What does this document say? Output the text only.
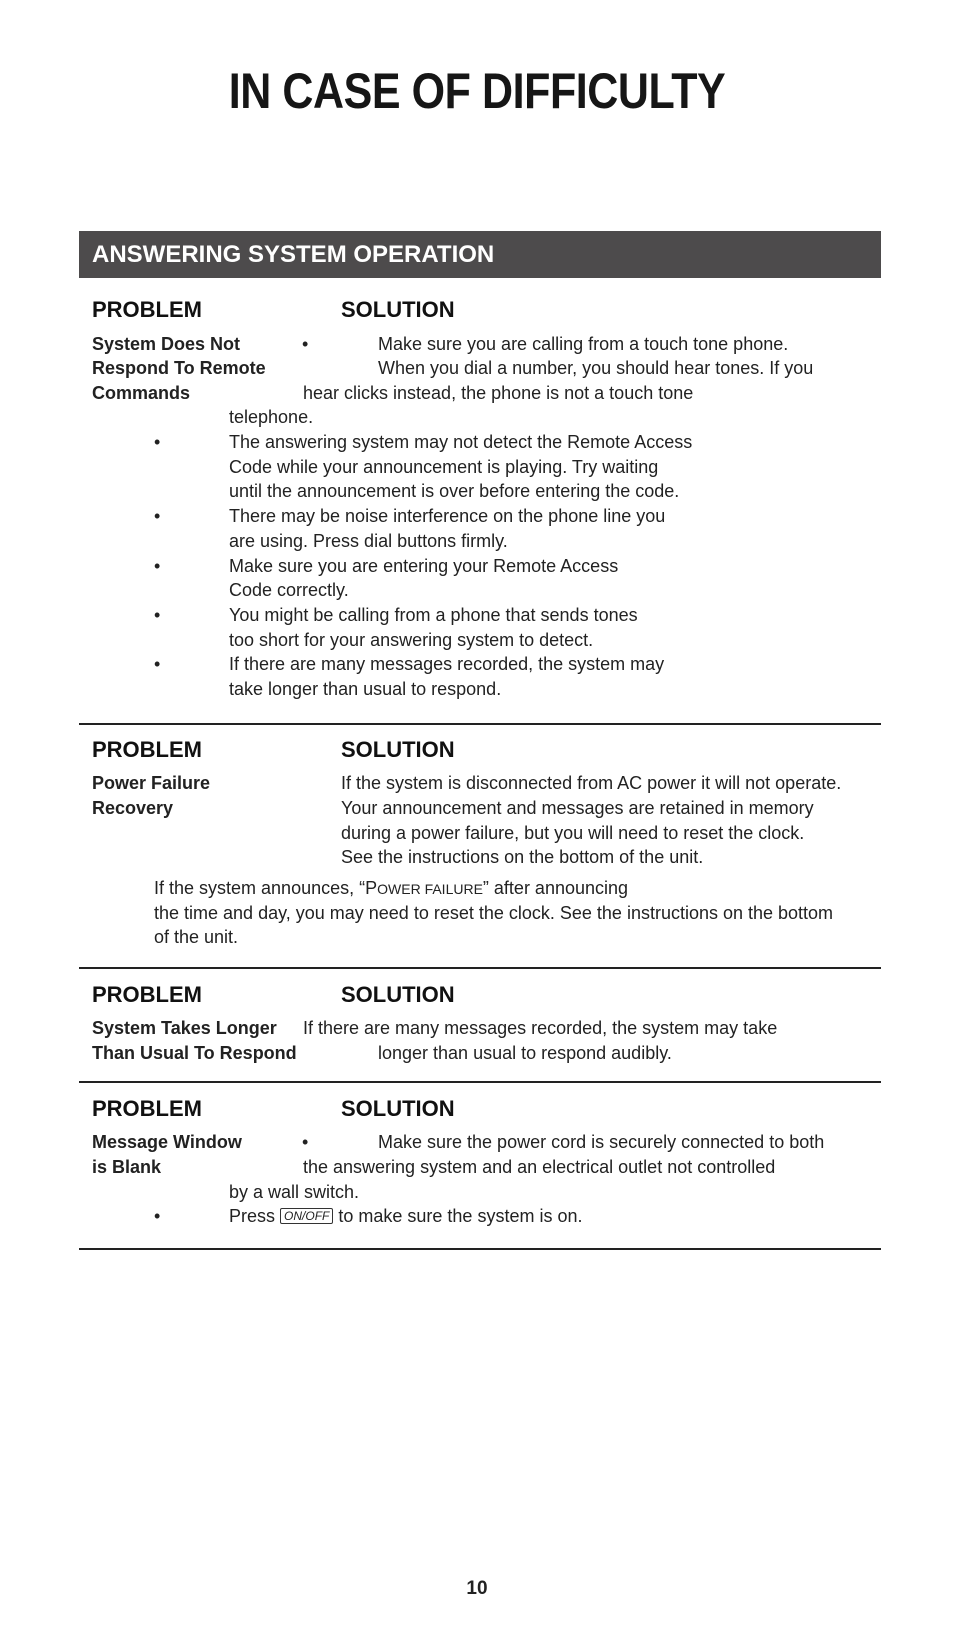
IN CASE OF DIFFICULTY
ANSWERING SYSTEM OPERATION
PROBLEM	SOLUTION
System Does Not
Respond To Remote
Commands
•	Make sure you are calling from a touch tone phone.
When you dial a number, you should hear tones. If you
hear clicks instead, the phone is not a touch tone
telephone.
•	The answering system may not detect the Remote Access
Code while your announcement is playing. Try waiting
until the announcement is over before entering the code.
•	There may be noise interference on the phone line you
are using. Press dial buttons firmly.
•	Make sure you are entering your Remote Access
Code correctly.
•	You might be calling from a phone that sends tones
too short for your answering system to detect.
•	If there are many messages recorded, the system may
take longer than usual to respond.
PROBLEM	SOLUTION
Power Failure
Recovery
If the system is disconnected from AC power it will not operate.
Your announcement and messages are retained in memory
during a power failure, but you will need to reset the clock.
See the instructions on the bottom of the unit.
If the system announces, “POWER FAILURE” after announcing
the time and day, you may need to reset the clock. See the instructions on the bottom
of the unit.
PROBLEM	SOLUTION
System Takes Longer
Than Usual To Respond
If there are many messages recorded, the system may take
longer than usual to respond audibly.
PROBLEM	SOLUTION
Message Window
is Blank
•	Make sure the power cord is securely connected to both
the answering system and an electrical outlet not controlled
by a wall switch.
•	Press ON/OFF to make sure the system is on.
10
